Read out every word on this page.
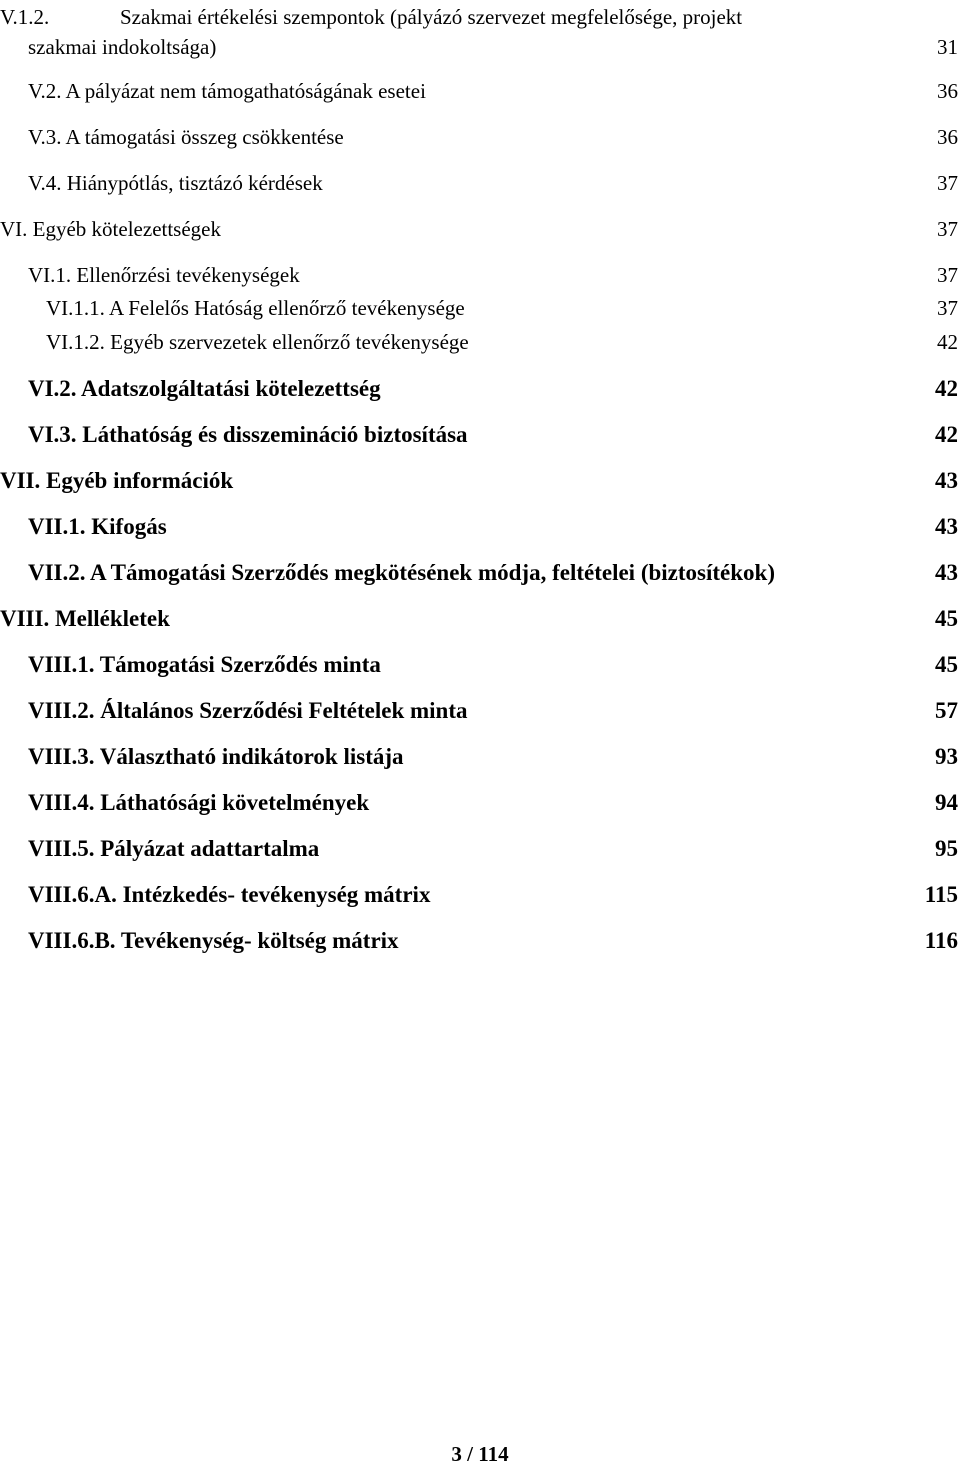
V.1.2.	Szakmai értékelési szempontok (pályázó szervezet megfelelősége, projekt
szakmai indokoltsága)	31
V.2. A pályázat nem támogathatóságának esetei	36
V.3. A támogatási összeg csökkentése	36
V.4. Hiánypótlás, tisztázó kérdések	37
VI. Egyéb kötelezettségek	37
VI.1. Ellenőrzési tevékenységek	37
VI.1.1. A Felelős Hatóság ellenőrző tevékenysége	37
VI.1.2. Egyéb szervezetek ellenőrző tevékenysége	42
VI.2. Adatszolgáltatási kötelezettség	42
VI.3. Láthatóság és disszemináció biztosítása	42
VII. Egyéb információk	43
VII.1. Kifogás	43
VII.2. A Támogatási Szerződés megkötésének módja, feltételei (biztosítékok)	43
VIII. Mellékletek	45
VIII.1. Támogatási Szerződés minta	45
VIII.2. Általános Szerződési Feltételek minta	57
VIII.3. Választható indikátorok listája	93
VIII.4. Láthatósági követelmények	94
VIII.5. Pályázat adattartalma	95
VIII.6.A. Intézkedés- tevékenység mátrix	115
VIII.6.B. Tevékenység- költség mátrix	116
3 / 114
